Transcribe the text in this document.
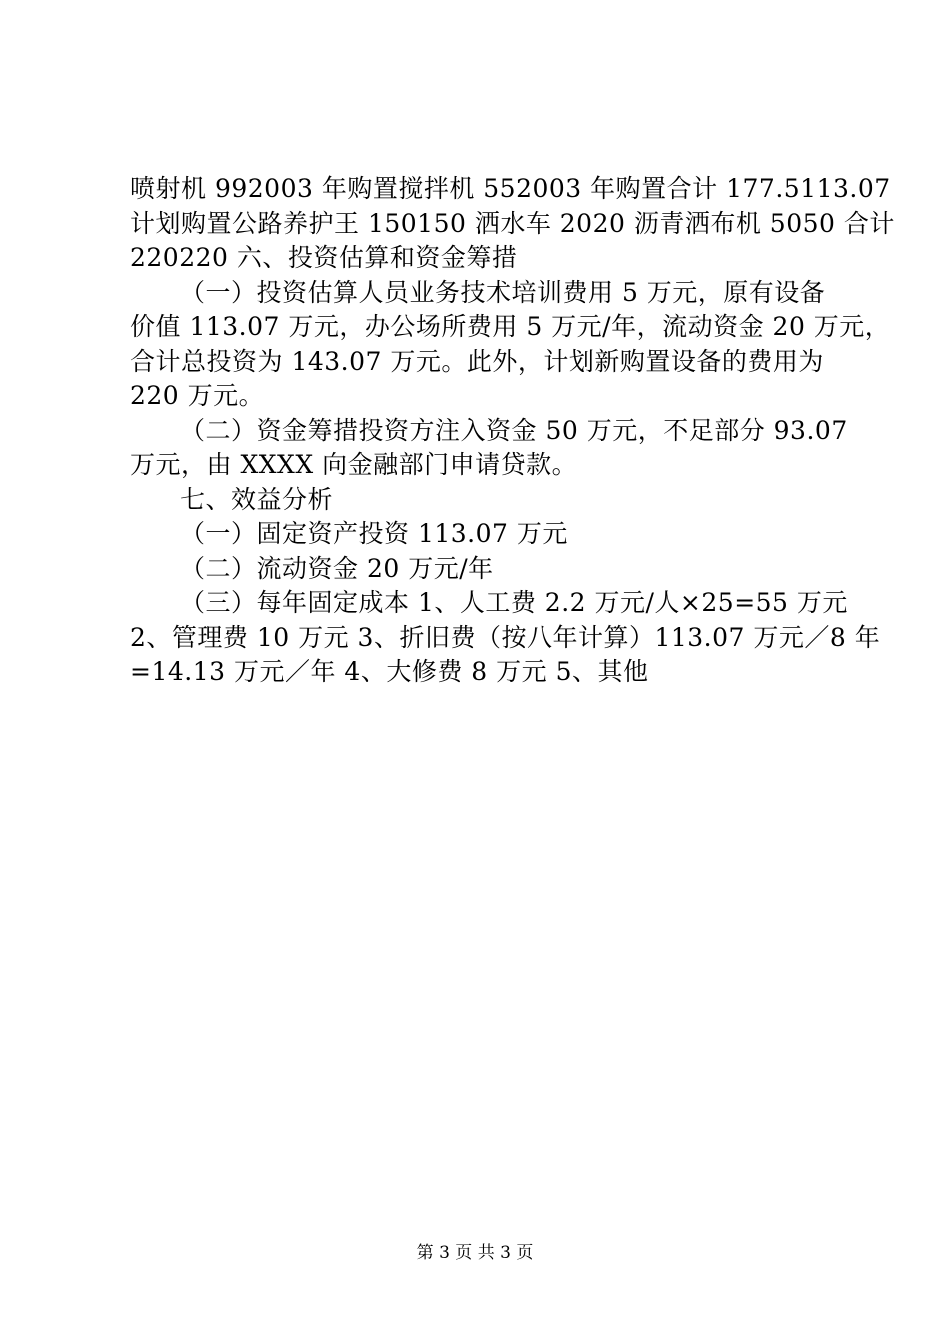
喷射机 992003 年购置搅拌机 552003 年购置合计 177.5113.07
计划购置公路养护王 150150 洒水车 2020 沥青洒布机 5050 合计
220220 六、投资估算和资金筹措
（一）投资估算人员业务技术培训费用 5 万元，原有设备
价值 113.07 万元，办公场所费用 5 万元/年，流动资金 20 万元，
合计总投资为 143.07 万元。此外，计划新购置设备的费用为
220 万元。
（二）资金筹措投资方注入资金 50 万元，不足部分 93.07
万元，由 XXXX 向金融部门申请贷款。
七、效益分析
（一）固定资产投资 113.07 万元
（二）流动资金 20 万元/年
（三）每年固定成本 1、人工费 2.2 万元/人×25=55 万元
2、管理费 10 万元 3、折旧费（按八年计算）113.07 万元／8 年
=14.13 万元／年 4、大修费 8 万元 5、其他
第 3 页 共 3 页
